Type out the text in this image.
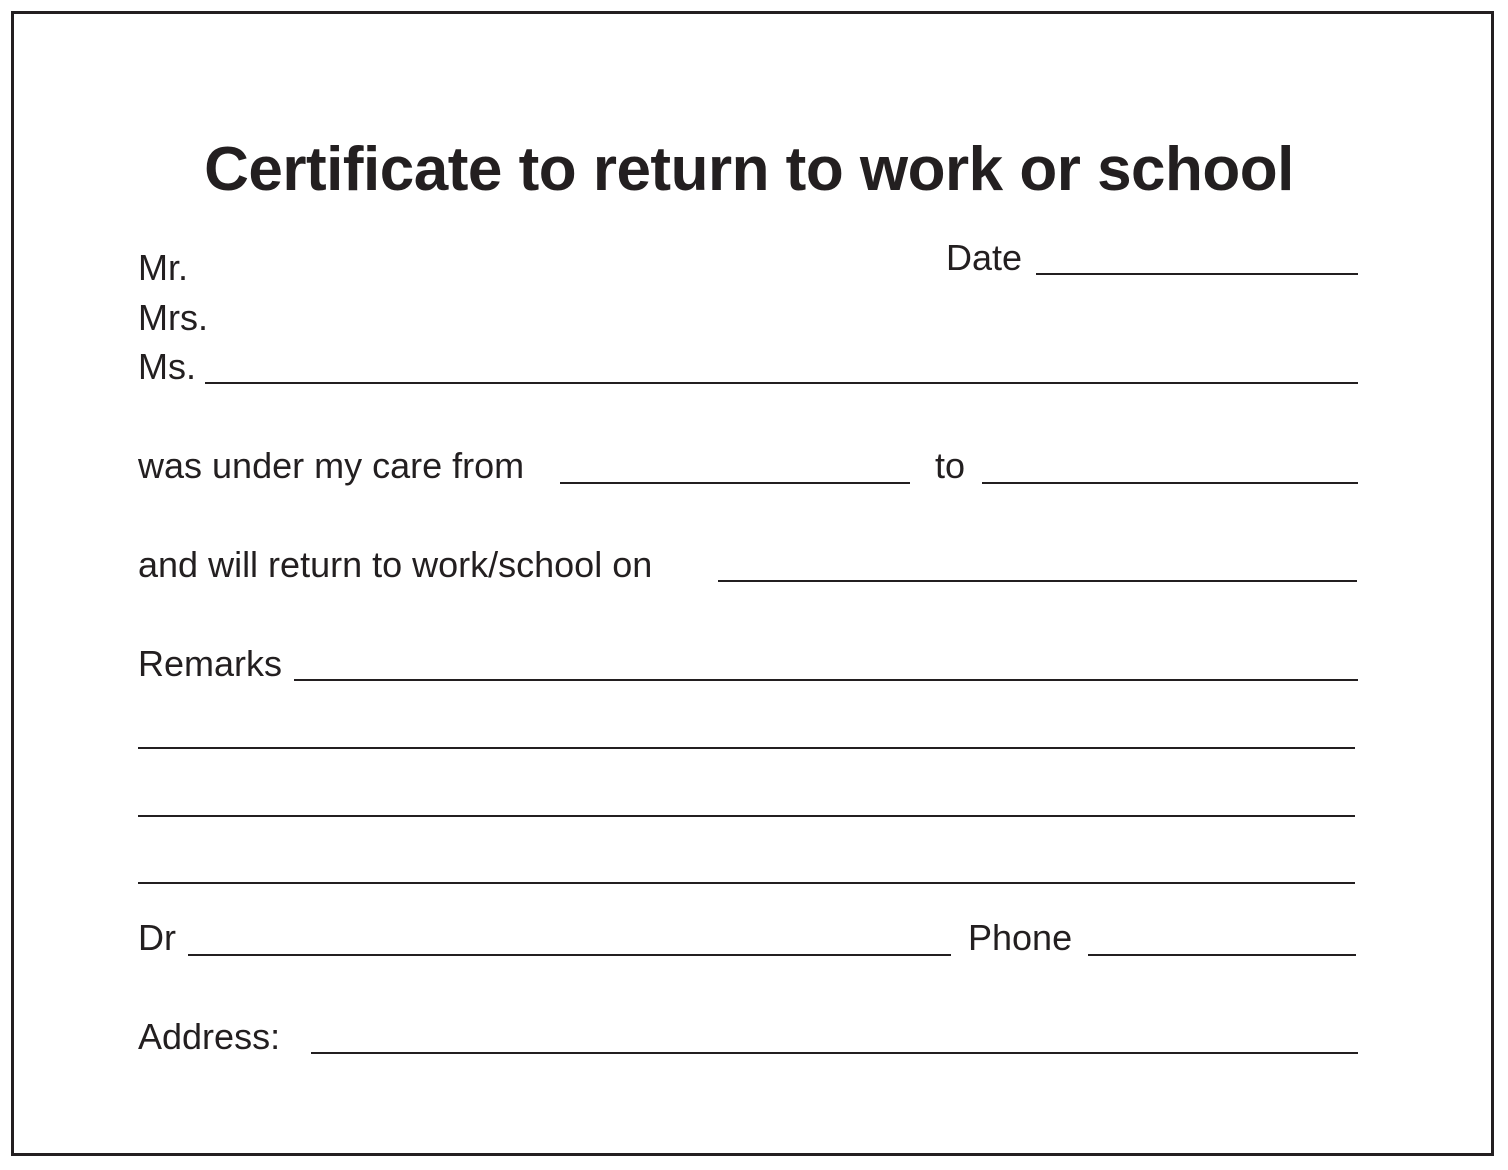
Certificate to return to work or school
Date
Mr.
Mrs.
Ms.
was under my care from	to
and will return to work/school on
Remarks
Dr	Phone
Address:
